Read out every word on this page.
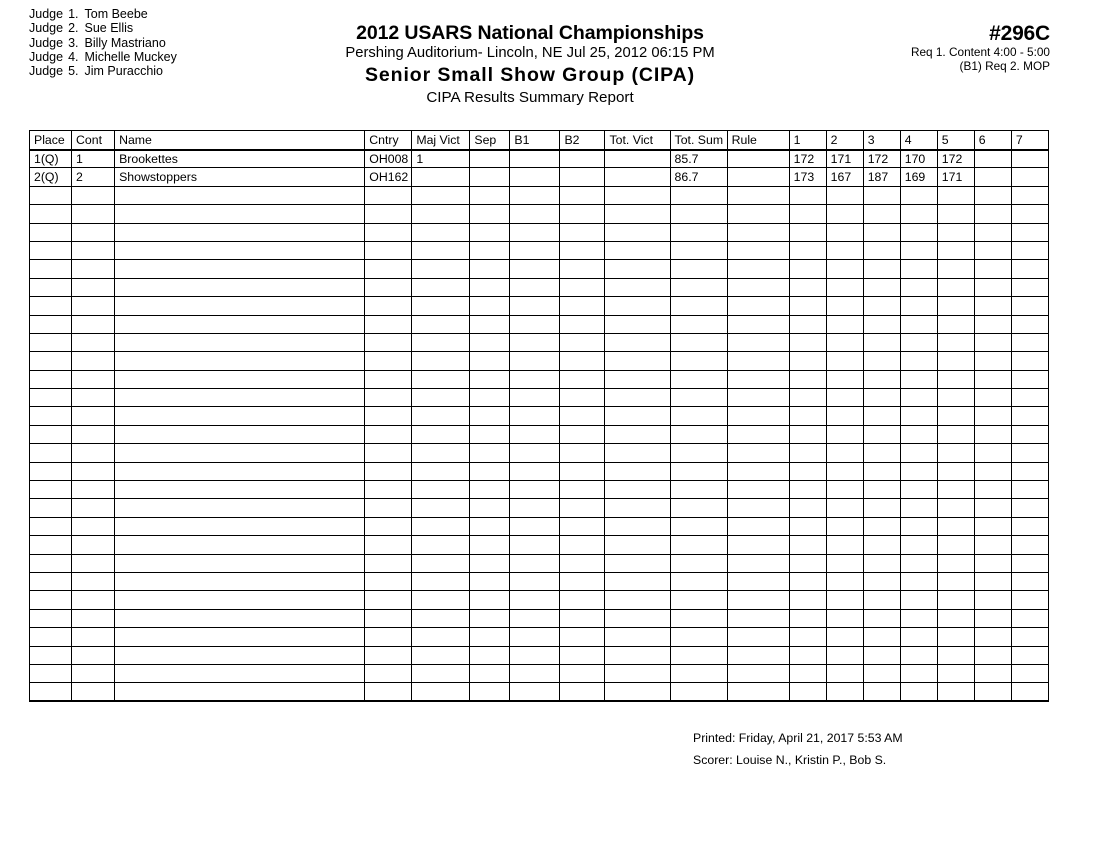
Judge 1. Tom Beebe
Judge 2. Sue Ellis
Judge 3. Billy Mastriano
Judge 4. Michelle Muckey
Judge 5. Jim Puracchio
2012 USARS National Championships
Pershing Auditorium- Lincoln, NE Jul 25, 2012 06:15 PM
Senior Small Show Group (CIPA)
CIPA Results Summary Report
#296C
Req 1. Content 4:00 - 5:00
(B1) Req 2. MOP
Place	Cont	Name	Cntry	Maj Vict	Sep	B1	B2	Tot. Vict	Tot. Sum	Rule	1	2	3	4	5	6	7
1(Q)	1	Brookettes	OH008	1					85.7		172	171	172	170	172		
2(Q)	2	Showstoppers	OH162						86.7		173	167	187	169	171		

Printed: Friday, April 21, 2017 5:53 AM
Scorer: Louise N., Kristin P., Bob S.
